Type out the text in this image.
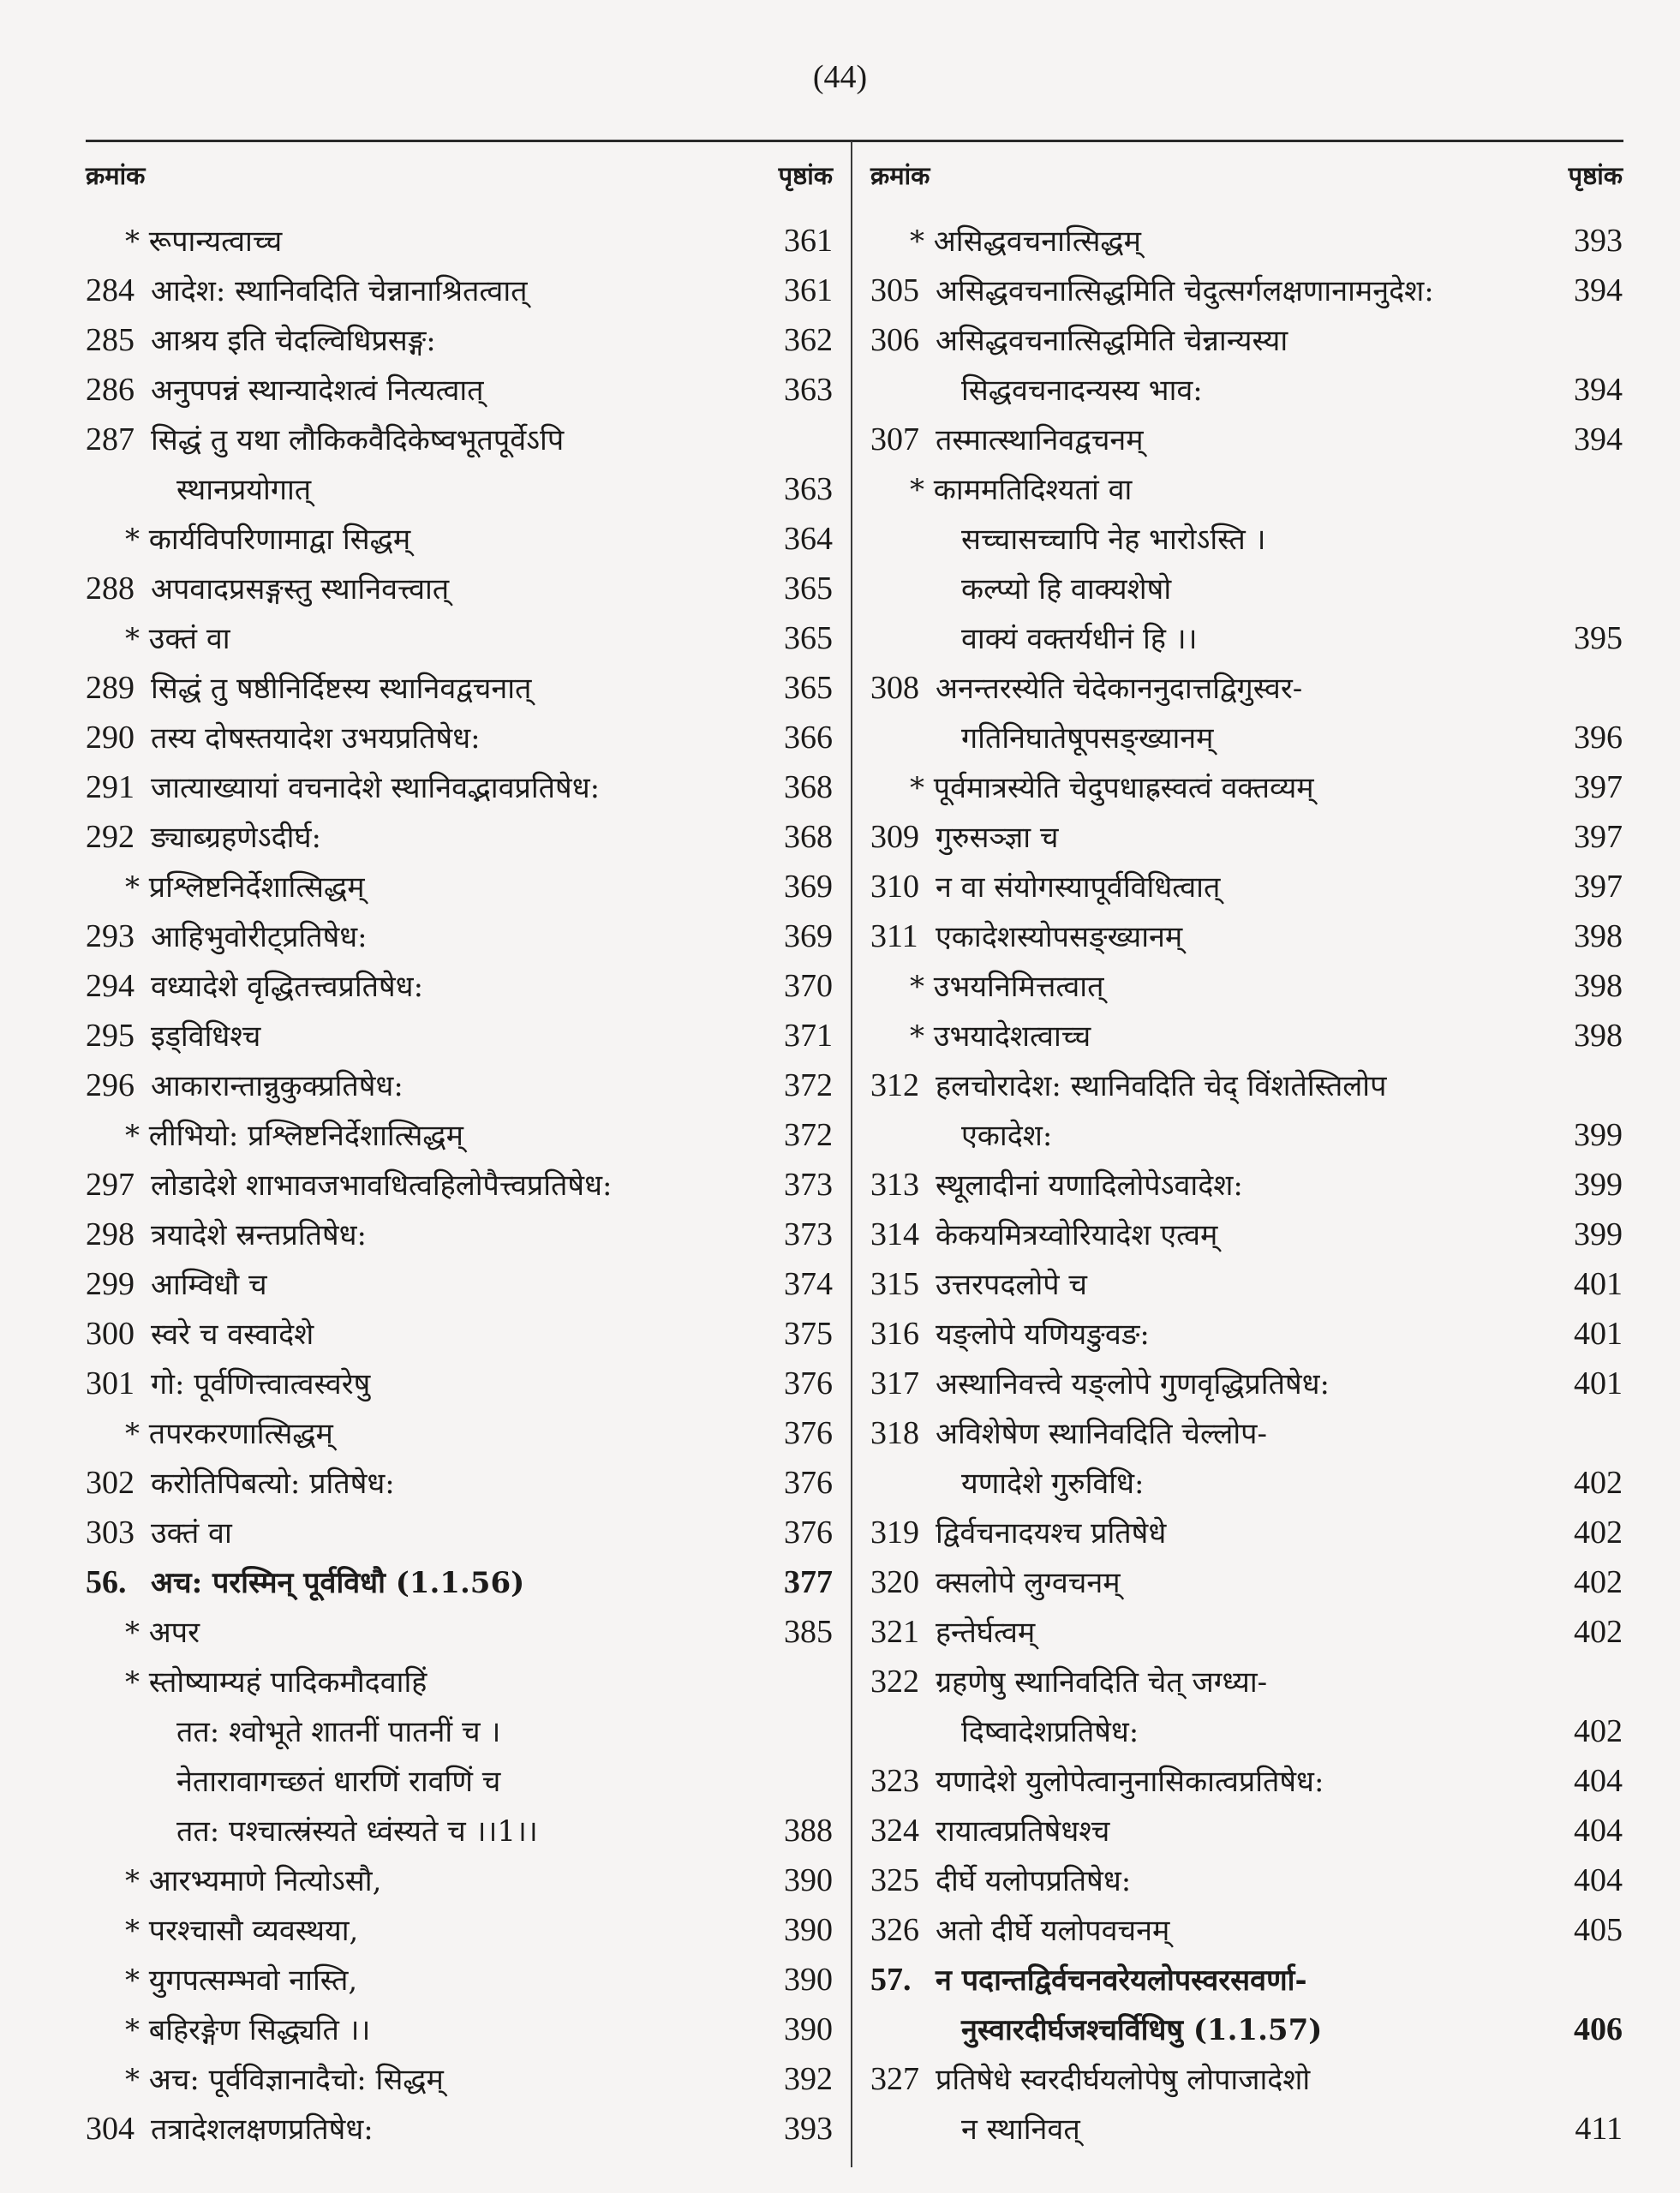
(44)
क्रमांक	पृष्ठांक
* रूपान्यत्वाच्च	361
284 आदेश: स्थानिवदिति चेन्नानाश्रितत्वात्	361
285 आश्रय इति चेदल्विधिप्रसङ्ग:	362
286 अनुपपन्नं स्थान्यादेशत्वं नित्यत्वात्	363
287 सिद्धं तु यथा लौकिकवैदिकेष्वभूतपूर्वेऽपि
स्थानप्रयोगात्	363
* कार्यविपरिणामाद्वा सिद्धम्	364
288 अपवादप्रसङ्गस्तु स्थानिवत्त्वात्	365
* उक्तं वा	365
289 सिद्धं तु षष्ठीनिर्दिष्टस्य स्थानिवद्वचनात्	365
290 तस्य दोषस्तयादेश उभयप्रतिषेध:	366
291 जात्याख्यायां वचनादेशे स्थानिवद्भावप्रतिषेध:	368
292 ङ्याब्ग्रहणेऽदीर्घ:	368
* प्रश्लिष्टनिर्देशात्सिद्धम्	369
293 आहिभुवोरीट्प्रतिषेध:	369
294 वध्यादेशे वृद्धितत्त्वप्रतिषेध:	370
295 इड्विधिश्च	371
296 आकारान्तान्नुकुक्प्रतिषेध:	372
* लीभियो: प्रश्लिष्टनिर्देशात्सिद्धम्	372
297 लोडादेशे शाभावजभावधित्वहिलोपैत्त्वप्रतिषेध:	373
298 त्रयादेशे स्रन्तप्रतिषेध:	373
299 आम्विधौ च	374
300 स्वरे च वस्वादेशे	375
301 गो: पूर्वणित्त्वात्वस्वरेषु	376
* तपरकरणात्सिद्धम्	376
302 करोतिपिबत्यो: प्रतिषेध:	376
303 उक्तं वा	376
56. अच: परस्मिन् पूर्वविधौ (1.1.56)	377
* अपर	385
* स्तोष्याम्यहं पादिकमौदवाहिं
तत: श्वोभूते शातनीं पातनीं च ।
नेतारावागच्छतं धारणिं रावणिं च
तत: पश्चात्स्रंस्यते ध्वंस्यते च ।।1।।	388
* आरभ्यमाणे नित्योऽसौ,	390
* परश्चासौ व्यवस्थया,	390
* युगपत्सम्भवो नास्ति,	390
* बहिरङ्गेण सिद्ध्यति ।।	390
* अच: पूर्वविज्ञानादैचो: सिद्धम्	392
304 तत्रादेशलक्षणप्रतिषेध:	393
क्रमांक	पृष्ठांक
* असिद्धवचनात्सिद्धम्	393
305 असिद्धवचनात्सिद्धमिति चेदुत्सर्गलक्षणानामनुदेश:	394
306 असिद्धवचनात्सिद्धमिति चेन्नान्यस्या
सिद्धवचनादन्यस्य भाव:	394
307 तस्मात्स्थानिवद्वचनम्	394
* काममतिदिश्यतां वा
सच्चासच्चापि नेह भारोऽस्ति ।
कल्प्यो हि वाक्यशेषो
वाक्यं वक्तर्यधीनं हि ।।	395
308 अनन्तरस्येति चेदेकाननुदात्तद्विगुस्वर-
गतिनिघातेषूपसङ्ख्यानम्	396
* पूर्वमात्रस्येति चेदुपधाह्रस्वत्वं वक्तव्यम्	397
309 गुरुसञ्ज्ञा च	397
310 न वा संयोगस्यापूर्वविधित्वात्	397
311 एकादेशस्योपसङ्ख्यानम्	398
* उभयनिमित्तत्वात्	398
* उभयादेशत्वाच्च	398
312 हलचोरादेश: स्थानिवदिति चेद् विंशतेस्तिलोप
एकादेश:	399
313 स्थूलादीनां यणादिलोपेऽवादेश:	399
314 केकयमित्रय्वोरियादेश एत्वम्	399
315 उत्तरपदलोपे च	401
316 यङ्लोपे यणियङुवङ:	401
317 अस्थानिवत्त्वे यङ्लोपे गुणवृद्धिप्रतिषेध:	401
318 अविशेषेण स्थानिवदिति चेल्लोप-
यणादेशे गुरुविधि:	402
319 द्विर्वचनादयश्च प्रतिषेधे	402
320 क्सलोपे लुग्वचनम्	402
321 हन्तेर्घत्वम्	402
322 ग्रहणेषु स्थानिवदिति चेत् जग्ध्या-
दिष्वादेशप्रतिषेध:	402
323 यणादेशे युलोपेत्वानुनासिकात्वप्रतिषेध:	404
324 रायात्वप्रतिषेधश्च	404
325 दीर्घे यलोपप्रतिषेध:	404
326 अतो दीर्घे यलोपवचनम्	405
57. न पदान्तद्विर्वचनवरेयलोपस्वरसवर्णा-
नुस्वारदीर्घजश्चर्विधिषु (1.1.57)	406
327 प्रतिषेधे स्वरदीर्घयलोपेषु लोपाजादेशो
न स्थानिवत्	411
